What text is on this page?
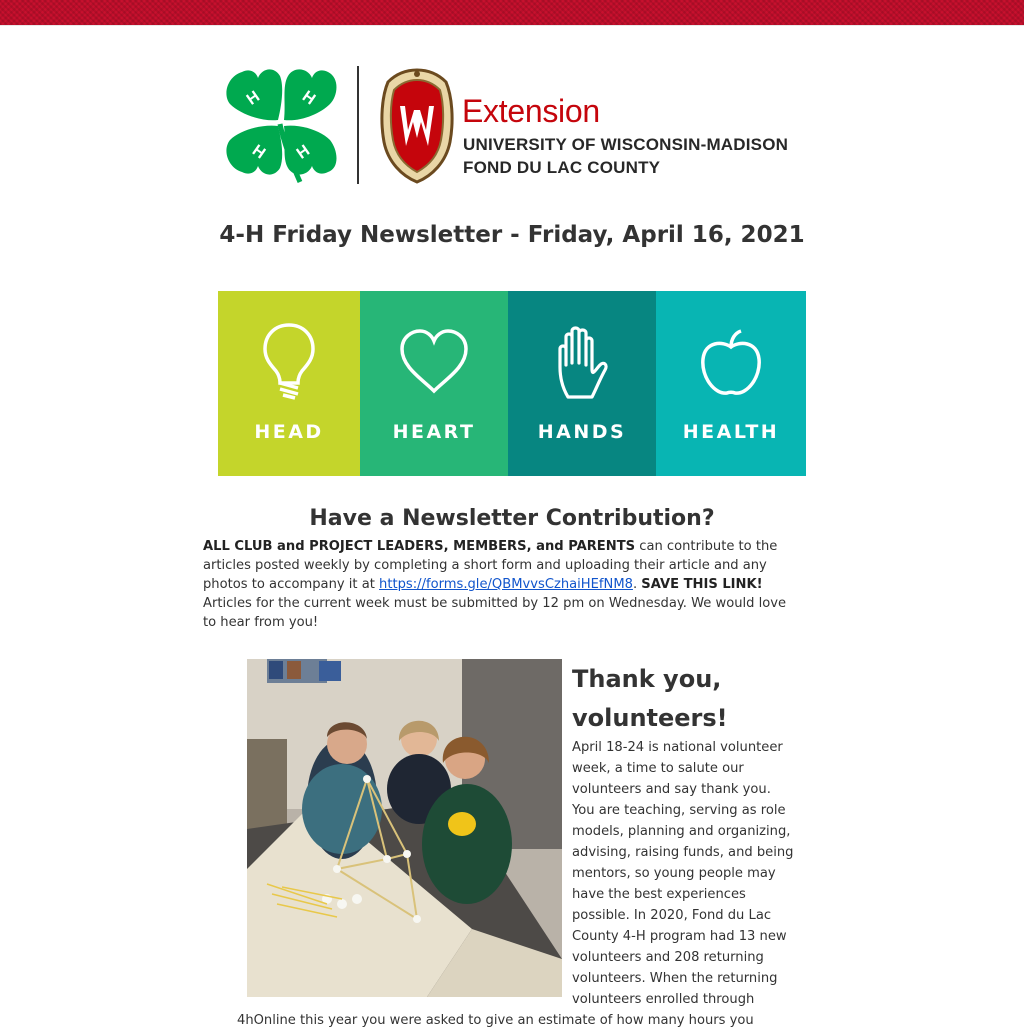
H H
H H
Extension
UNIVERSITY OF WISCONSIN-MADISON
FOND DU LAC COUNTY
4-H Friday Newsletter - Friday, April 16, 2021
HEAD	HEART	HANDS	HEALTH
Have a Newsletter Contribution?
ALL CLUB and PROJECT LEADERS, MEMBERS, and PARENTS can contribute to the articles posted weekly by completing a short form and uploading their article and any photos to accompany it at https://forms.gle/QBMvvsCzhaiHEfNM8. SAVE THIS LINK! Articles for the current week must be submitted by 12 pm on Wednesday. We would love to hear from you!
Thank you, volunteers!
April 18-24 is national volunteer week, a time to salute our volunteers and say thank you. You are teaching, serving as role models, planning and organizing, advising, raising funds, and being mentors, so young people may have the best experiences possible. In 2020, Fond du Lac County 4-H program had 13 new volunteers and 208 returning volunteers. When the returning volunteers enrolled through
4hOnline this year you were asked to give an estimate of how many hours you
